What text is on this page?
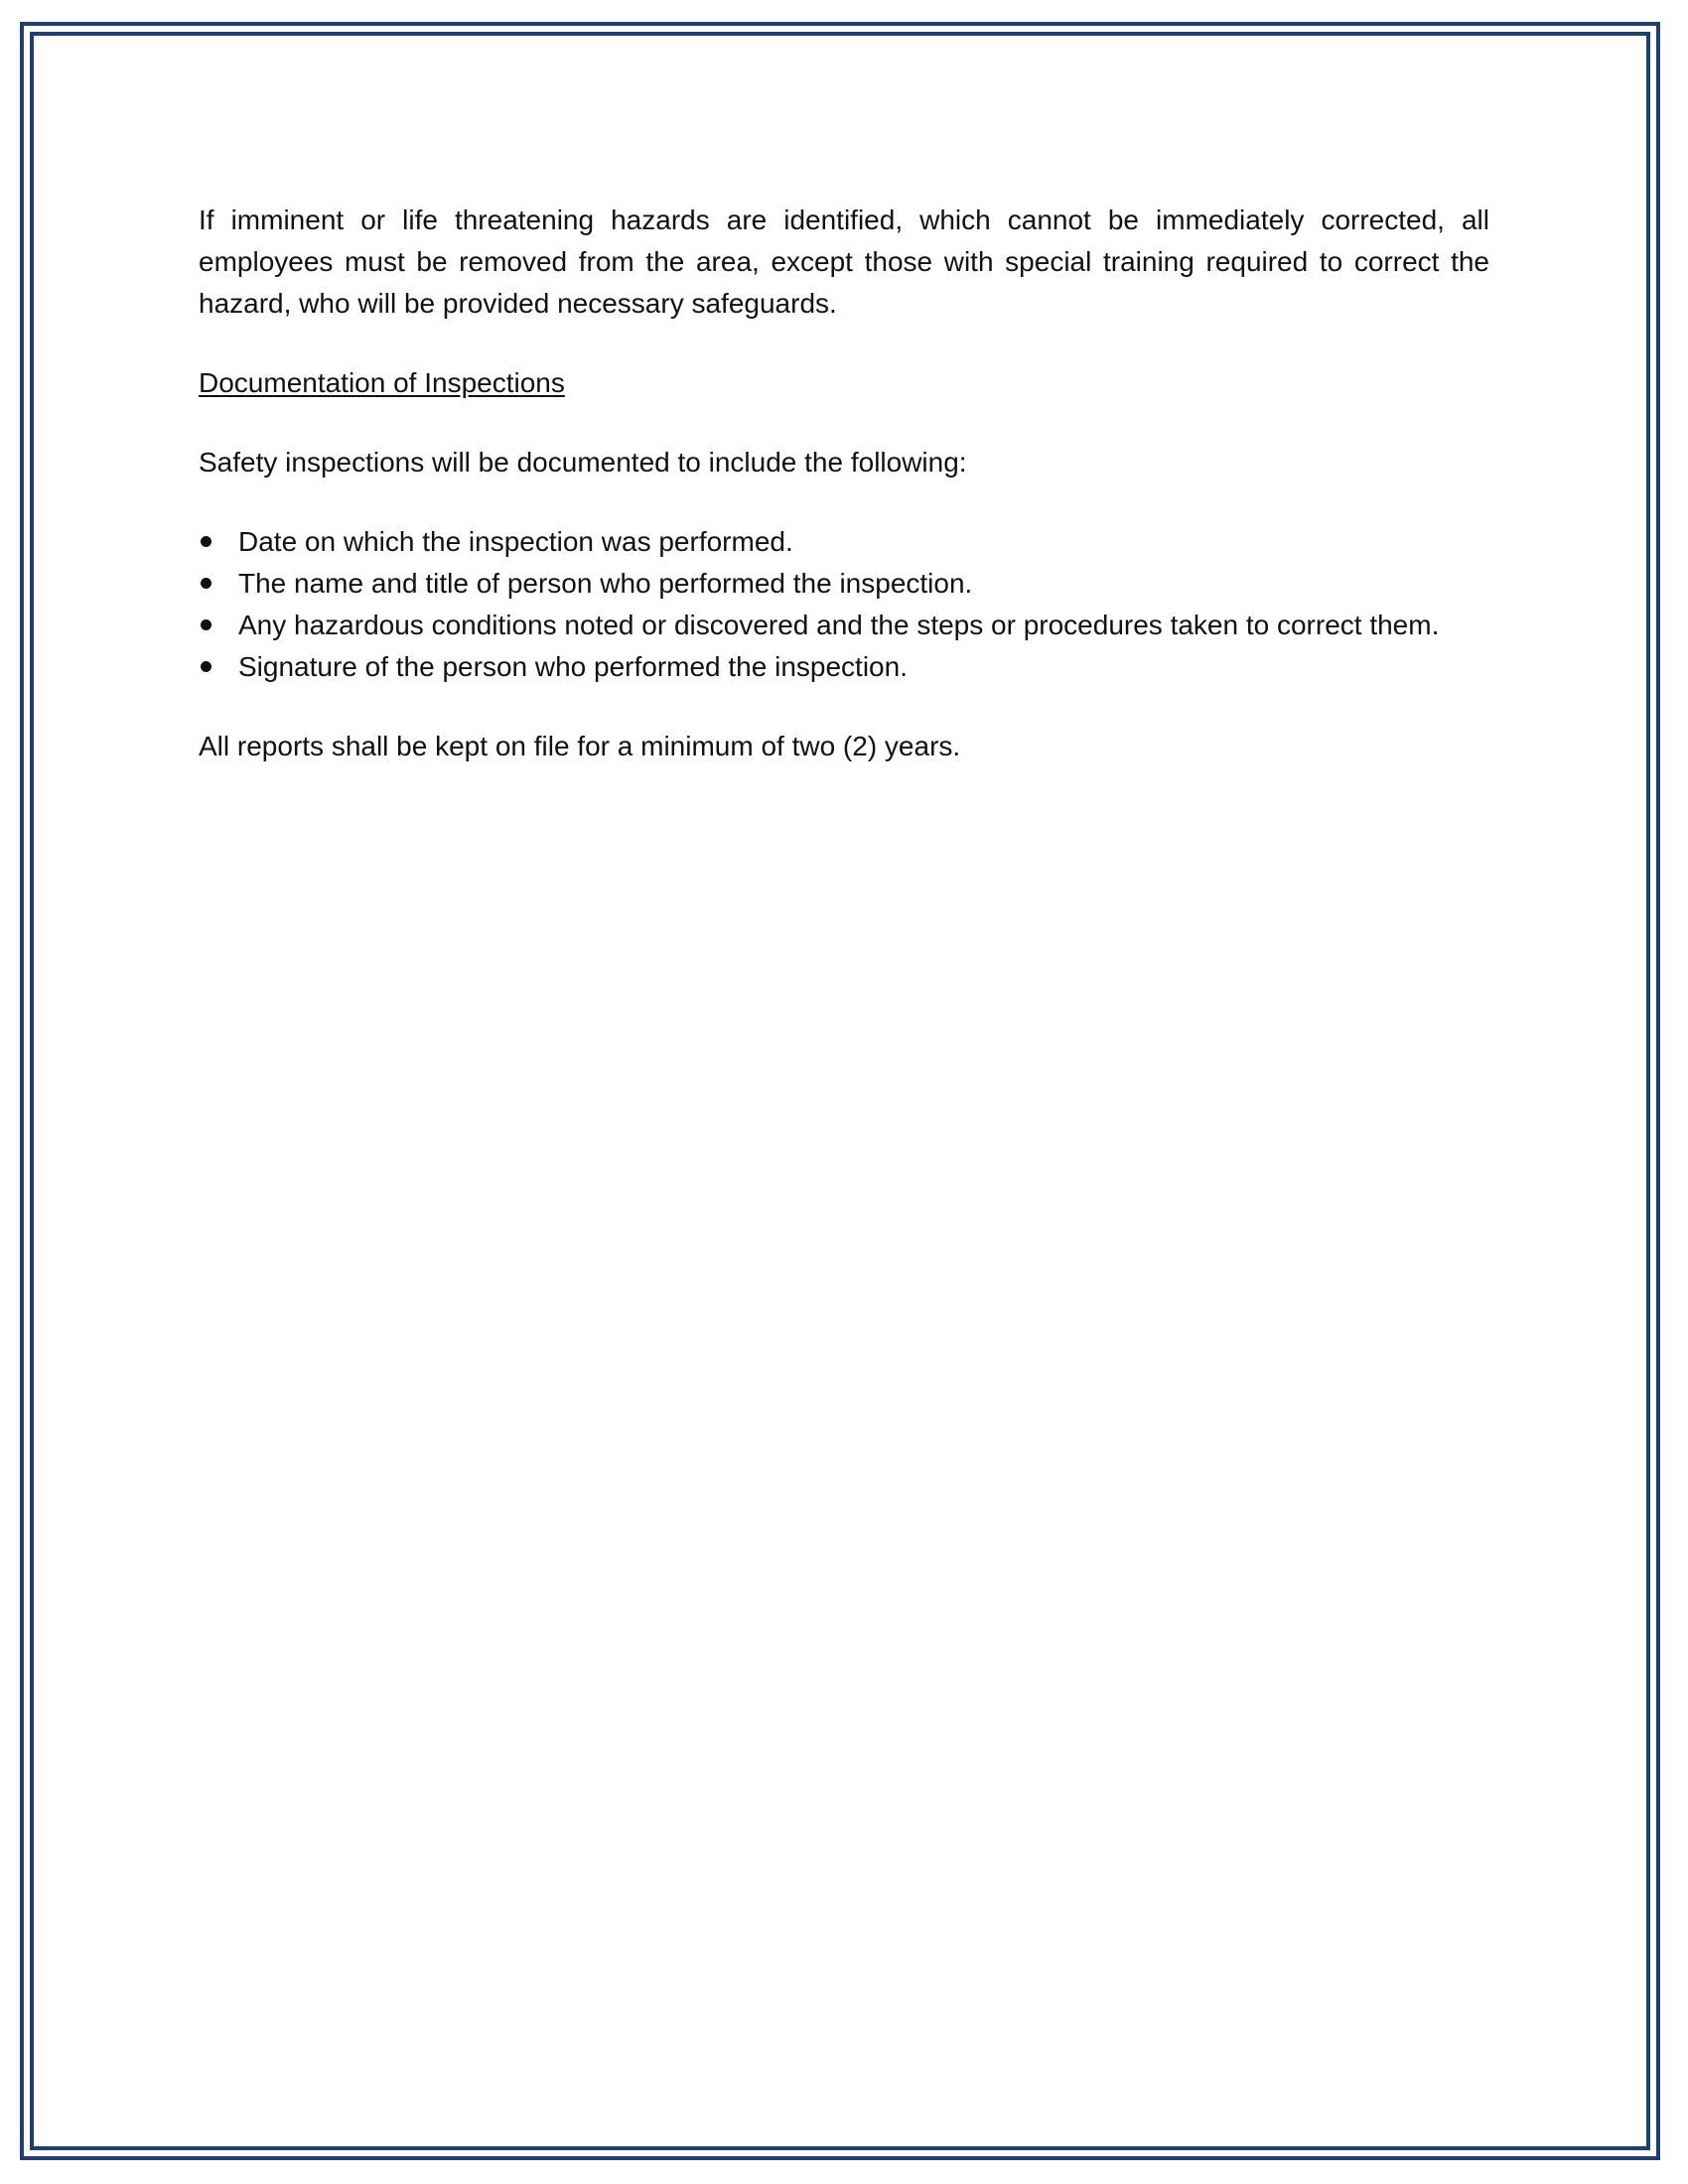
If imminent or life threatening hazards are identified, which cannot be immediately corrected, all employees must be removed from the area, except those with special training required to correct the hazard, who will be provided necessary safeguards.

Documentation of Inspections

Safety inspections will be documented to include the following:

Date on which the inspection was performed.
The name and title of person who performed the inspection.
Any hazardous conditions noted or discovered and the steps or procedures taken to correct them.
Signature of the person who performed the inspection.

All reports shall be kept on file for a minimum of two (2) years.
